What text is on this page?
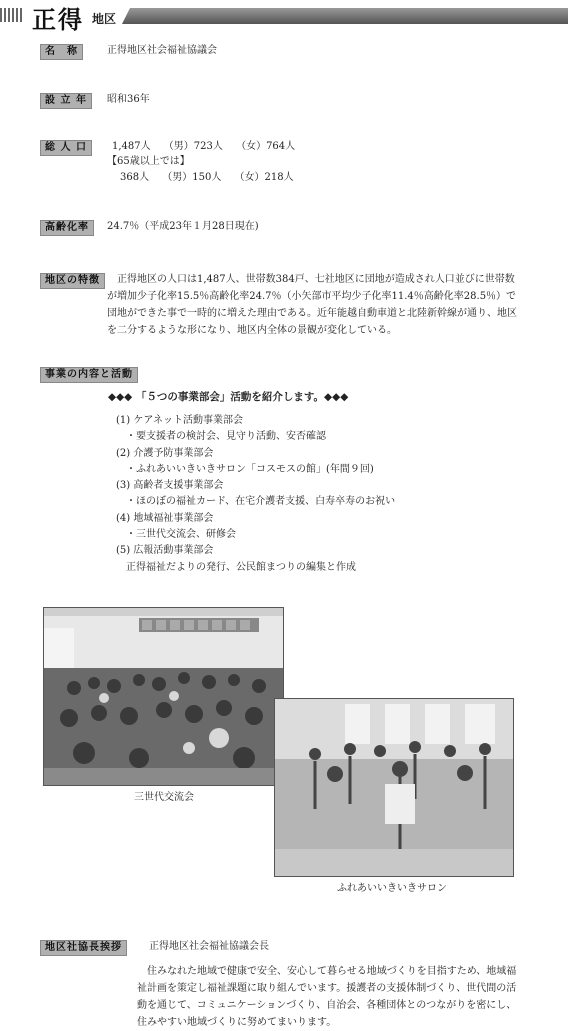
正得 地区
名　称	正得地区社会福祉協議会
設 立 年	昭和36年
総 人 口	1,487人　 （男）723人　 （女）764人
【65歳以上では】
368人　 （男）150人　 （女）218人
高齢化率	24.7％（平成23年１月28日現在)
地区の特徴	正得地区の人口は1,487人、世帯数384戸、七社地区に団地が造成され人口並びに世帯数が増加少子化率15.5％高齢化率24.7％（小矢部市平均少子化率11.4％高齢化率28.5％）で団地ができた事で一時的に増えた理由である。近年能越自動車道と北陸新幹線が通り、地区を二分するような形になり、地区内全体の景観が変化している。
事業の内容と活動
◆◆◆ 「５つの事業部会」活動を紹介します。◆◆◆
(1) ケアネット活動事業部会
　・要支援者の検討会、見守り活動、安否確認
(2) 介護予防事業部会
　・ふれあいいきいきサロン「コスモスの館」(年間９回)
(3) 高齢者支援事業部会
　・ほのぼの福祉カード、在宅介護者支援、白寿卒寿のお祝い
(4) 地域福祉事業部会
　・三世代交流会、研修会
(5) 広報活動事業部会
　正得福祉だよりの発行、公民館まつりの編集と作成
三世代交流会
ふれあいいきいきサロン
地区社協長挨拶	正得地区社会福祉協議会長
住みなれた地域で健康で安全、安心して暮らせる地域づくりを目指すため、地域福祉計画を策定し福祉課題に取り組んでいます。援護者の支援体制づくり、世代間の活動を通じて、コミュニケーションづくり、自治会、各種団体とのつながりを密にし、住みやすい地域づくりに努めてまいります。
